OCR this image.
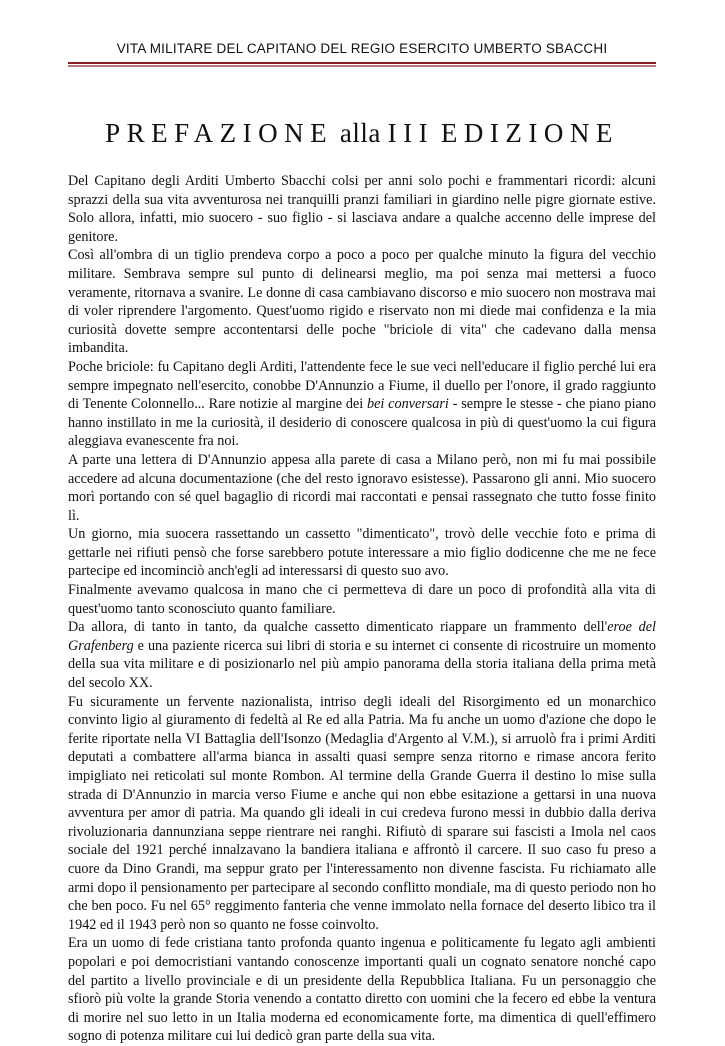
VITA MILITARE DEL CAPITANO DEL REGIO ESERCITO UMBERTO SBACCHI
PREFAZIONE alla III EDIZIONE

Del Capitano degli Arditi Umberto Sbacchi colsi per anni solo pochi e frammentari ricordi: alcuni sprazzi della sua vita avventurosa nei tranquilli pranzi familiari in giardino nelle pigre giornate estive. Solo allora, infatti, mio suocero - suo figlio - si lasciava andare a qualche accenno delle imprese del genitore.

Così all'ombra di un tiglio prendeva corpo a poco a poco per qualche minuto la figura del vecchio militare. Sembrava sempre sul punto di delinearsi meglio, ma poi senza mai mettersi a fuoco veramente, ritornava a svanire. Le donne di casa cambiavano discorso e mio suocero non mostrava mai di voler riprendere l'argomento. Quest'uomo rigido e riservato non mi diede mai confidenza e la mia curiosità dovette sempre accontentarsi delle poche "briciole di vita" che cadevano dalla mensa imbandita.

Poche briciole: fu Capitano degli Arditi, l'attendente fece le sue veci nell'educare il figlio perché lui era sempre impegnato nell'esercito, conobbe D'Annunzio a Fiume, il duello per l'onore, il grado raggiunto di Tenente Colonnello... Rare notizie al margine dei bei conversari - sempre le stesse - che piano piano hanno instillato in me la curiosità, il desiderio di conoscere qualcosa in più di quest'uomo la cui figura aleggiava evanescente fra noi.

A parte una lettera di D'Annunzio appesa alla parete di casa a Milano però, non mi fu mai possibile accedere ad alcuna documentazione (che del resto ignoravo esistesse). Passarono gli anni. Mio suocero morì portando con sé quel bagaglio di ricordi mai raccontati e pensai rassegnato che tutto fosse finito lì.

Un giorno, mia suocera rassettando un cassetto "dimenticato", trovò delle vecchie foto e prima di gettarle nei rifiuti pensò che forse sarebbero potute interessare a mio figlio dodicenne che me ne fece partecipe ed incominciò anch'egli ad interessarsi di questo suo avo.

Finalmente avevamo qualcosa in mano che ci permetteva di dare un poco di profondità alla vita di quest'uomo tanto sconosciuto quanto familiare.

Da allora, di tanto in tanto, da qualche cassetto dimenticato riappare un frammento dell'eroe del Grafenberg e una paziente ricerca sui libri di storia e su internet ci consente di ricostruire un momento della sua vita militare e di posizionarlo nel più ampio panorama della storia italiana della prima metà del secolo XX.

Fu sicuramente un fervente nazionalista, intriso degli ideali del Risorgimento ed un monarchico convinto ligio al giuramento di fedeltà al Re ed alla Patria. Ma fu anche un uomo d'azione che dopo le ferite riportate nella VI Battaglia dell'Isonzo (Medaglia d'Argento al V.M.), si arruolò fra i primi Arditi deputati a combattere all'arma bianca in assalti quasi sempre senza ritorno e rimase ancora ferito impigliato nei reticolati sul monte Rombon. Al termine della Grande Guerra il destino lo mise sulla strada di D'Annunzio in marcia verso Fiume e anche qui non ebbe esitazione a gettarsi in una nuova avventura per amor di patria. Ma quando gli ideali in cui credeva furono messi in dubbio dalla deriva rivoluzionaria dannunziana seppe rientrare nei ranghi. Rifiutò di sparare sui fascisti a Imola nel caos sociale del 1921 perché innalzavano la bandiera italiana e affrontò il carcere. Il suo caso fu preso a cuore da Dino Grandi, ma seppur grato per l'interessamento non divenne fascista. Fu richiamato alle armi dopo il pensionamento per partecipare al secondo conflitto mondiale, ma di questo periodo non ho che ben poco. Fu nel 65° reggimento fanteria che venne immolato nella fornace del deserto libico tra il 1942 ed il 1943 però non so quanto ne fosse coinvolto.

Era un uomo di fede cristiana tanto profonda quanto ingenua e politicamente fu legato agli ambienti popolari e poi democristiani vantando conoscenze importanti quali un cognato senatore nonché capo del partito a livello provinciale e di un presidente della Repubblica Italiana. Fu un personaggio che sfiorò più volte la grande Storia venendo a contatto diretto con uomini che la fecero ed ebbe la ventura di morire nel suo letto in un Italia moderna ed economicamente forte, ma dimentica di quell'effimero sogno di potenza militare cui lui dedicò gran parte della sua vita.
